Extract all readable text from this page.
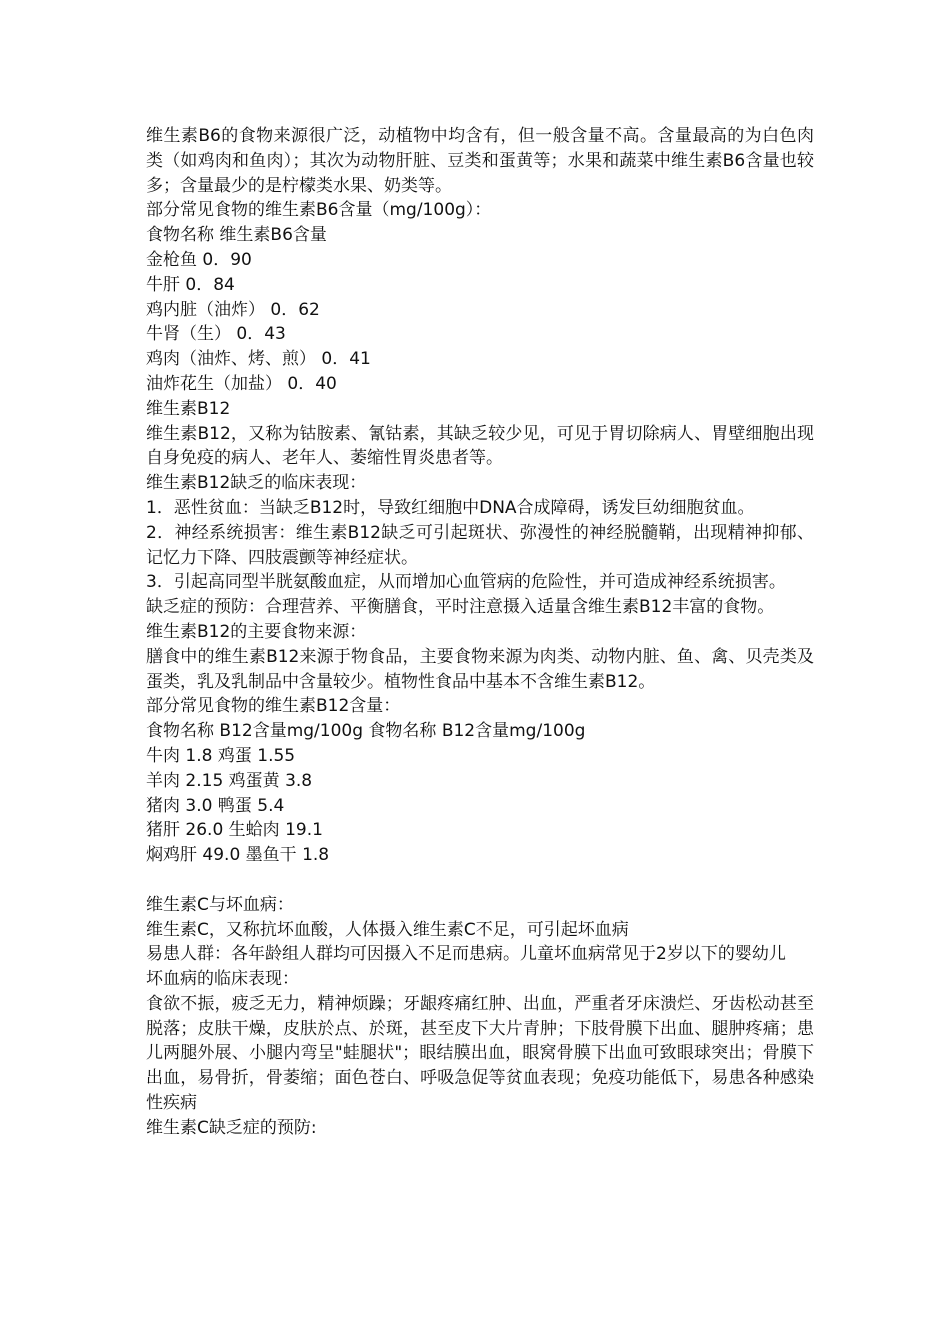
维生素B6的食物来源很广泛，动植物中均含有，但一般含量不高。含量最高的为白色肉类（如鸡肉和鱼肉）；其次为动物肝脏、豆类和蛋黄等；水果和蔬菜中维生素B6含量也较多；含量最少的是柠檬类水果、奶类等。

部分常见食物的维生素B6含量（mg/100g）：

食物名称 维生素B6含量

金枪鱼 0．90

牛肝 0．84

鸡内脏（油炸） 0．62

牛肾（生） 0．43

鸡肉（油炸、烤、煎） 0．41

油炸花生（加盐） 0．40

维生素B12

维生素B12，又称为钴胺素、氰钴素，其缺乏较少见，可见于胃切除病人、胃壁细胞出现自身免疫的病人、老年人、萎缩性胃炎患者等。

维生素B12缺乏的临床表现：

1．恶性贫血：当缺乏B12时，导致红细胞中DNA合成障碍，诱发巨幼细胞贫血。

2．神经系统损害：维生素B12缺乏可引起斑状、弥漫性的神经脱髓鞘，出现精神抑郁、记忆力下降、四肢震颤等神经症状。

3．引起高同型半胱氨酸血症，从而增加心血管病的危险性，并可造成神经系统损害。

缺乏症的预防：合理营养、平衡膳食，平时注意摄入适量含维生素B12丰富的食物。

维生素B12的主要食物来源：

膳食中的维生素B12来源于物食品，主要食物来源为肉类、动物内脏、鱼、禽、贝壳类及蛋类，乳及乳制品中含量较少。植物性食品中基本不含维生素B12。

部分常见食物的维生素B12含量：

食物名称 B12含量mg/100g 食物名称 B12含量mg/100g

牛肉 1.8 鸡蛋 1.55

羊肉 2.15 鸡蛋黄 3.8

猪肉 3.0 鸭蛋 5.4

猪肝 26.0 生蛤肉 19.1

焖鸡肝 49.0 墨鱼干 1.8

维生素C与坏血病：

维生素C，又称抗坏血酸，人体摄入维生素C不足，可引起坏血病

易患人群：各年龄组人群均可因摄入不足而患病。儿童坏血病常见于2岁以下的婴幼儿

坏血病的临床表现：

食欲不振，疲乏无力，精神烦躁；牙龈疼痛红肿、出血，严重者牙床溃烂、牙齿松动甚至脱落；皮肤干燥，皮肤於点、於斑，甚至皮下大片青肿；下肢骨膜下出血、腿肿疼痛；患儿两腿外展、小腿内弯呈"蛙腿状"；眼结膜出血，眼窝骨膜下出血可致眼球突出；骨膜下出血，易骨折，骨萎缩；面色苍白、呼吸急促等贫血表现；免疫功能低下，易患各种感染性疾病

维生素C缺乏症的预防:
